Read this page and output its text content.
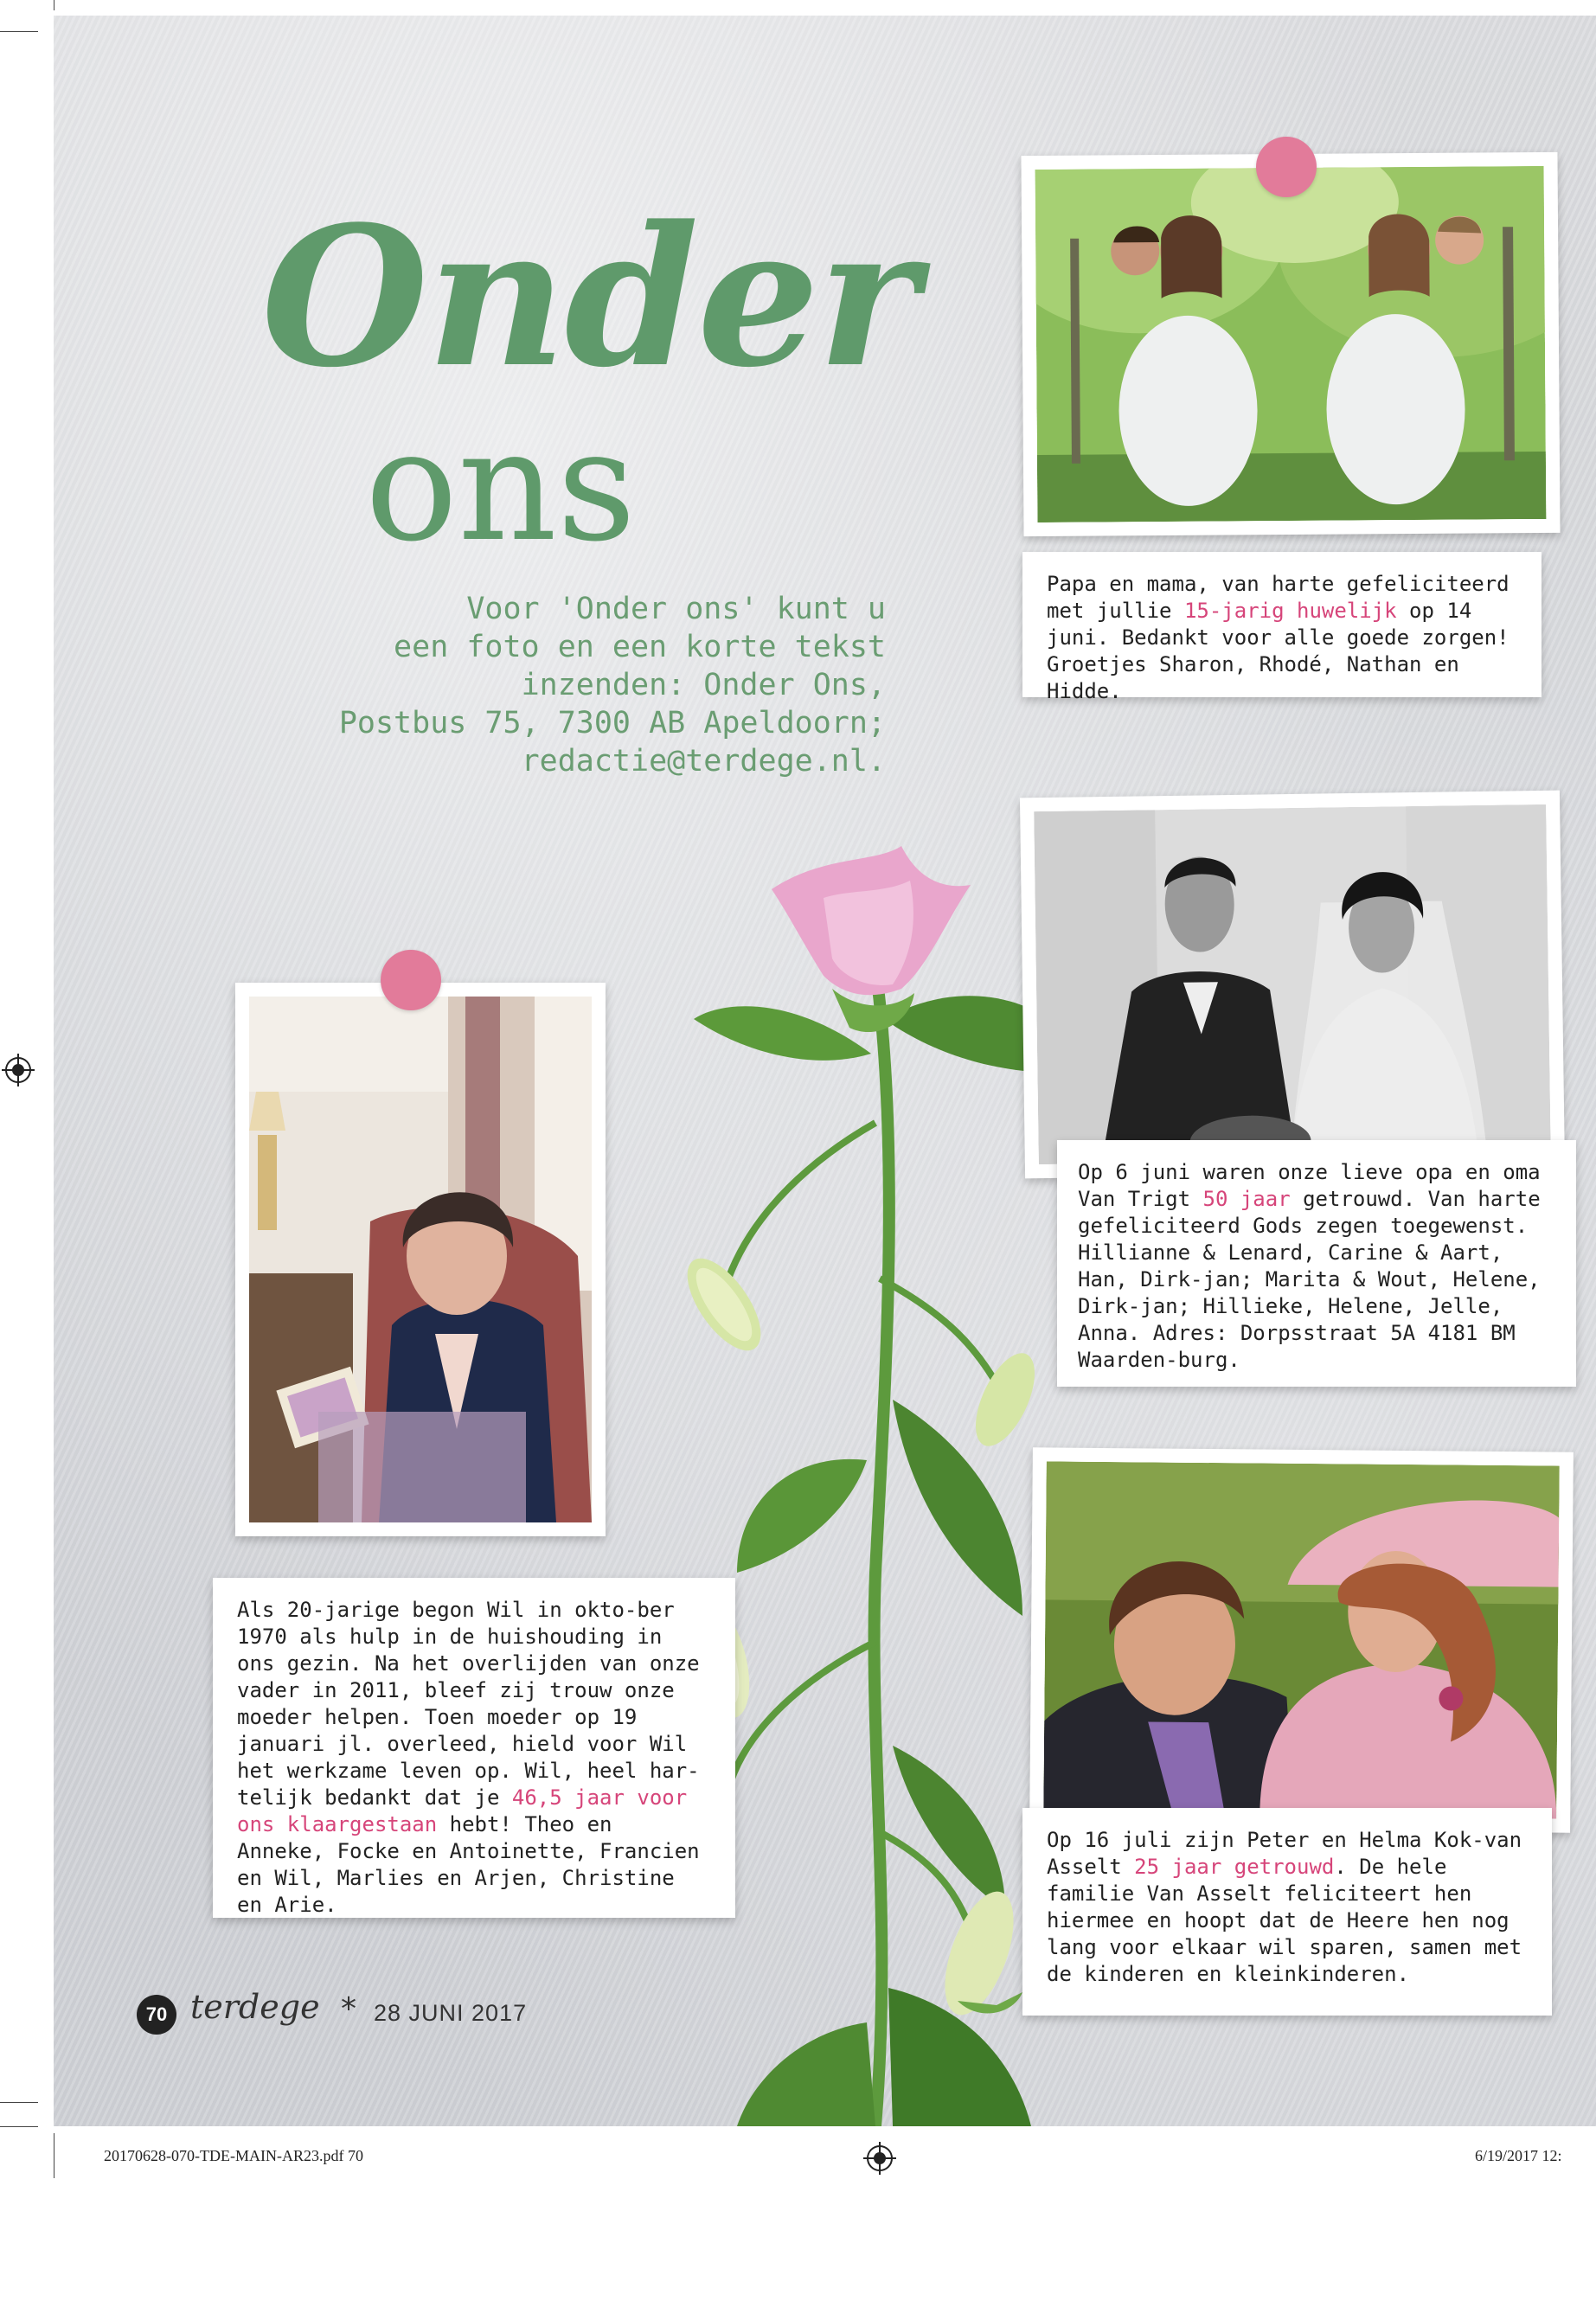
Onder
ons
Voor 'Onder ons' kunt u
een foto en een korte tekst
inzenden: Onder Ons,
Postbus 75, 7300 AB Apeldoorn;
redactie@terdege.nl.

Papa en mama, van harte gefeliciteerd met jullie 15-jarig huwelijk op 14 juni. Bedankt voor alle goede zorgen! Groetjes Sharon, Rhodé, Nathan en Hidde.

Op 6 juni waren onze lieve opa en oma Van Trigt 50 jaar getrouwd. Van harte gefeliciteerd Gods zegen toegewenst. Hillianne & Lenard, Carine & Aart, Han, Dirk-jan; Marita & Wout, Helene, Dirk-jan; Hillieke, Helene, Jelle, Anna. Adres: Dorpsstraat 5A 4181 BM Waarden-burg.

Als 20-jarige begon Wil in okto-ber 1970 als hulp in de huishouding in ons gezin. Na het overlijden van onze vader in 2011, bleef zij trouw onze moeder helpen. Toen moeder op 19 januari jl. overleed, hield voor Wil het werkzame leven op. Wil, heel har-telijk bedankt dat je 46,5 jaar voor ons klaargestaan hebt! Theo en Anneke, Focke en Antoinette, Francien en Wil, Marlies en Arjen, Christine en Arie.

Op 16 juli zijn Peter en Helma Kok-van Asselt 25 jaar getrouwd. De hele familie Van Asselt feliciteert hen hiermee en hoopt dat de Heere hen nog lang voor elkaar wil sparen, samen met de kinderen en kleinkinderen.

70 terdege * 28 JUNI 2017
20170628-070-TDE-MAIN-AR23.pdf 70	6/19/2017 12:
